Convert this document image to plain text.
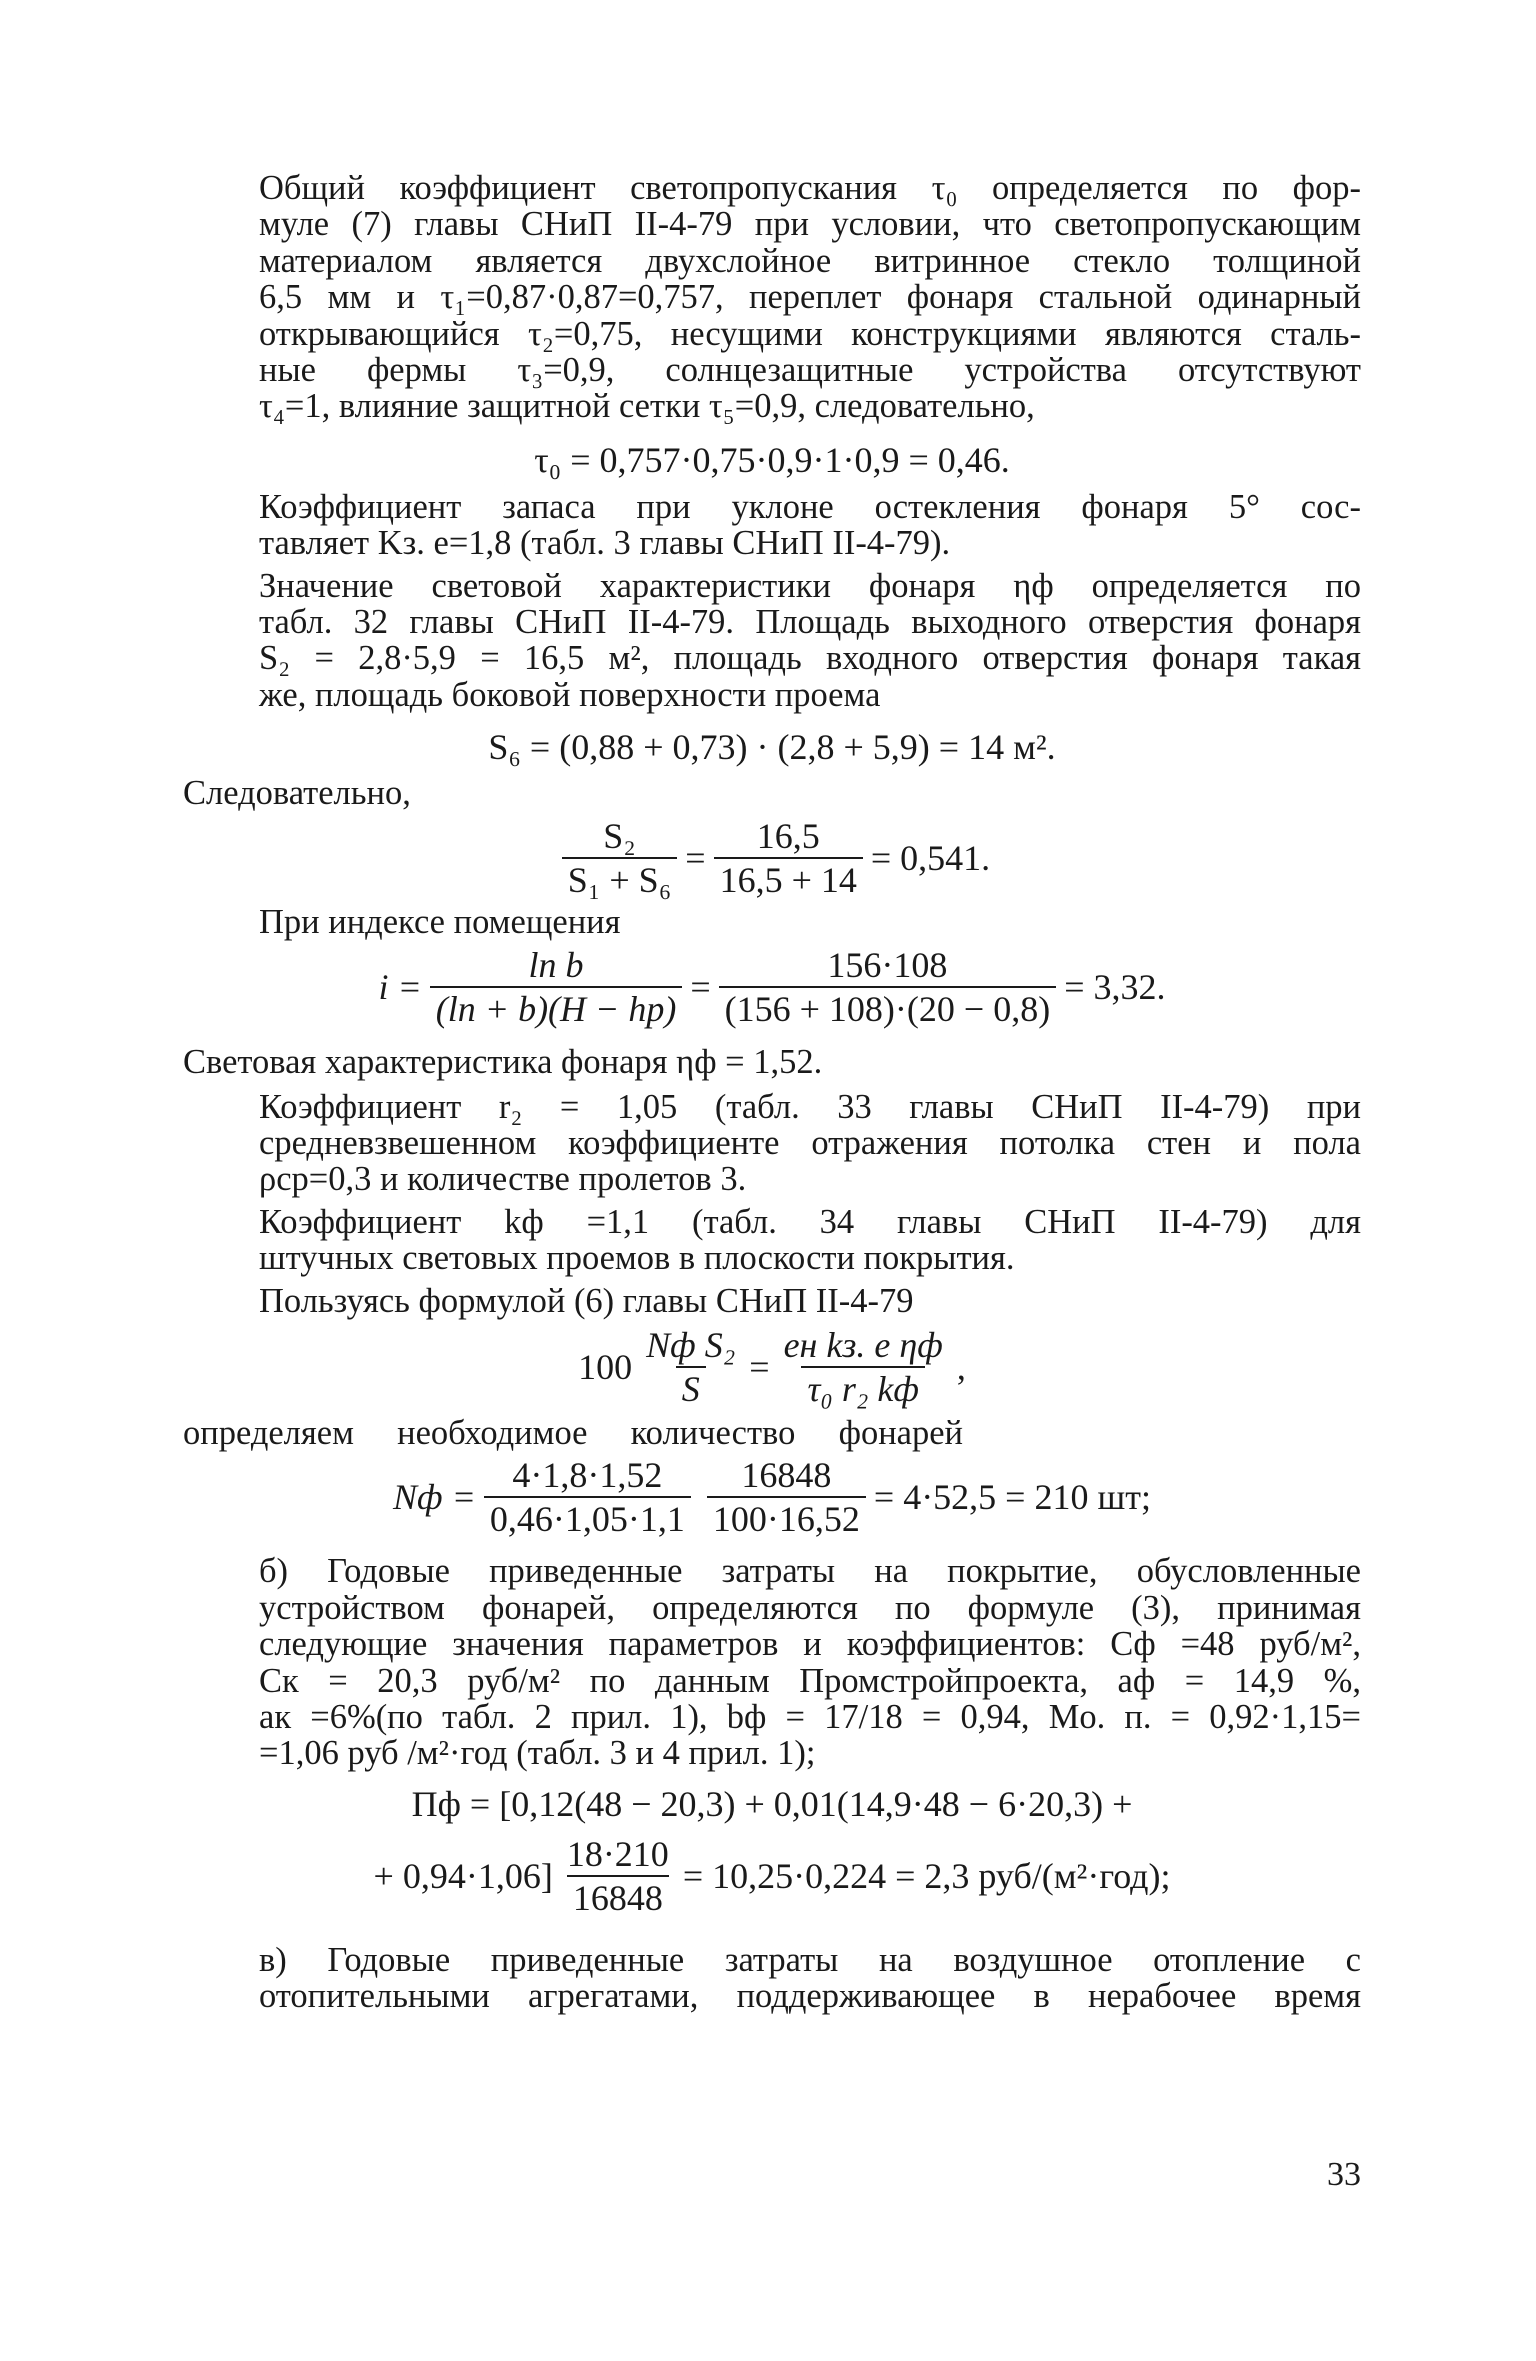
Общий коэффициент светопропускания τ₀ определяется по фор-

муле (7) главы СНиП II-4-79 при условии, что светопропускающим

материалом является двухслойное витринное стекло толщиной

6,5 мм и τ₁=0,87·0,87=0,757, переплет фонаря стальной одинарный

открывающийся τ₂=0,75, несущими конструкциями являются сталь-

ные фермы τ₃=0,9, солнцезащитные устройства отсутствуют

τ₄=1, влияние защитной сетки τ₅=0,9, следовательно,

τ₀ = 0,757·0,75·0,9·1·0,9 = 0,46.

Коэффициент запаса при уклоне остекления фонаря 5° сос-

тавляет Kз. е=1,8 (табл. 3 главы СНиП II-4-79).

Значение световой характеристики фонаря ηф определяется по

табл. 32 главы СНиП II-4-79. Площадь выходного отверстия фонаря

S₂ = 2,8·5,9 = 16,5 м², площадь входного отверстия фонаря такая

же, площадь боковой поверхности проема

S₆ = (0,88 + 0,73) · (2,8 + 5,9) = 14 м².

Следовательно,

$\frac{\text{S₂}}{\text{S₁ + S₆}} = \frac{16,5}{16,5 + 14} = 0,541$.

При индексе помещения

$i = \frac{\text{lп b}}{(lп + b)(H - hр)} = \frac{156\cdot 108}{(156 + 108)\cdot(20 - 0,8)} = 3,32$.

Световая характеристика фонаря ηф = 1,52.

Коэффициент r₂ = 1,05 (табл. 33 главы СНиП II-4-79) при

средневзвешенном коэффициенте отражения потолка стен и пола

ρср=0,3 и количестве пролетов 3.

Коэффициент kф =1,1 (табл. 34 главы СНиП II-4-79) для

штучных световых проемов в плоскости покрытия.

Пользуясь формулой (6) главы СНиП II-4-79

$100 \frac{\text{Nф S₂}}{S} = \frac{\text{eн kз. е ηф}}{\text{τ₀ r₂ kф}}$ ,

определяем необходимое количество фонарей

Nф = $\frac{4\cdot 1,8\cdot 1,52}{0,46\cdot 1,05\cdot 1,1} \frac{16848}{100\cdot 16,52} = 4\cdot 52,5 = 210$ шт;

б) Годовые приведенные затраты на покрытие, обусловленные

устройством фонарей, определяются по формуле (3), принимая

следующие значения параметров и коэффициентов: Cф =48 руб/м²,

Cк = 20,3 руб/м² по данным Промстройпроекта, aф = 14,9 %,

aк =6%(по табл. 2 прил. 1), bф = 17/18 = 0,94, Mо. п. = 0,92·1,15=

=1,06 руб /м²·год (табл. 3 и 4 прил. 1);

Пф = [0,12(48 − 20,3) + 0,01(14,9·48 − 6·20,3) +
+ $0,94\cdot 1,06] \frac{18\cdot 210}{16848} = 10,25\cdot 0,224 = 2,3$ руб/(м²·год);

в) Годовые приведенные затраты на воздушное отопление с

отопительными агрегатами, поддерживающее в нерабочее время

33
